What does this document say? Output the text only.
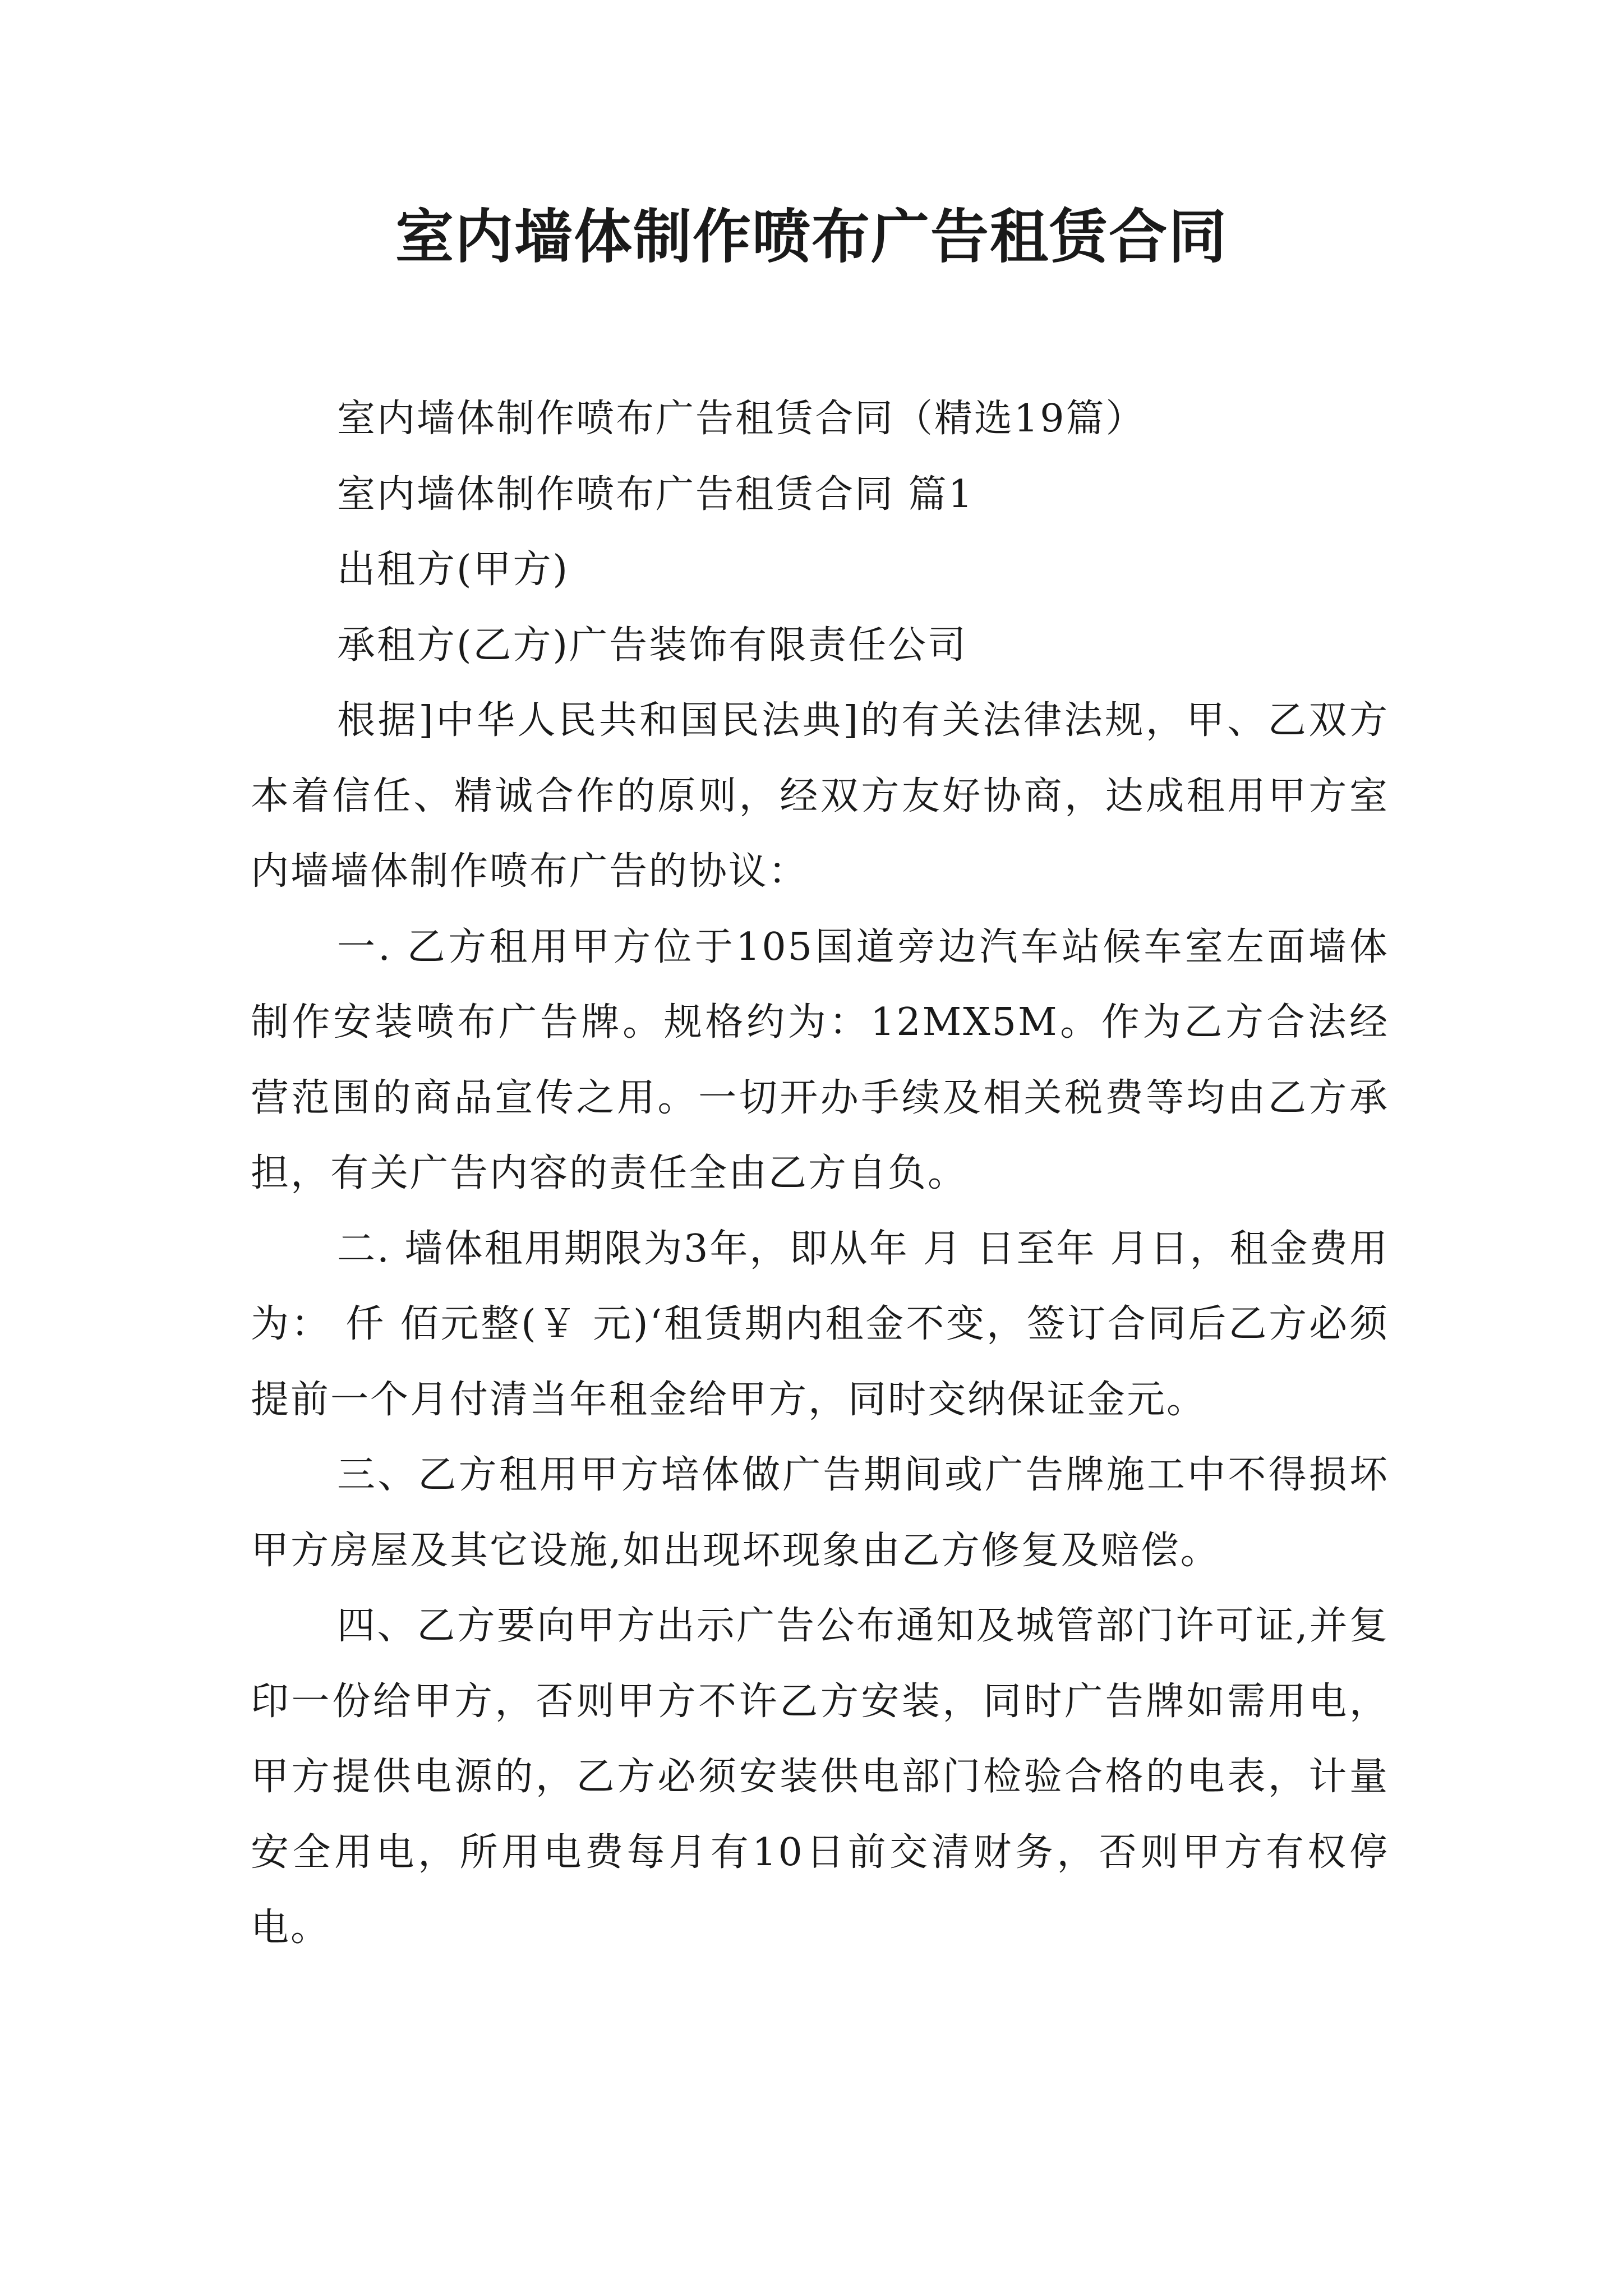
室内墙体制作喷布广告租赁合同

室内墙体制作喷布广告租赁合同（精选19篇）

室内墙体制作喷布广告租赁合同 篇1

出租方(甲方)

承租方(乙方)广告装饰有限责任公司

根据]中华人民共和国民法典]的有关法律法规，甲、乙双方本着信任、精诚合作的原则，经双方友好协商，达成租用甲方室内墙墙体制作喷布广告的协议：

一. 乙方租用甲方位于105国道旁边汽车站候车室左面墙体制作安装喷布广告牌。规格约为：12MX5M。作为乙方合法经营范围的商品宣传之用。一切开办手续及相关税费等均由乙方承担，有关广告内容的责任全由乙方自负。

二. 墙体租用期限为3年，即从年 月 日至年 月日，租金费用为： 仟 佰元整(￥ 元)‘租赁期内租金不变，签订合同后乙方必须提前一个月付清当年租金给甲方，同时交纳保证金元。

三、乙方租用甲方培体做广告期间或广告牌施工中不得损坏甲方房屋及其它设施,如出现坏现象由乙方修复及赔偿。

四、乙方要向甲方出示广告公布通知及城管部门许可证,并复印一份给甲方，否则甲方不许乙方安装，同时广告牌如需用电，甲方提供电源的，乙方必须安装供电部门检验合格的电表，计量安全用电，所用电费每月有10日前交清财务，否则甲方有权停电。
